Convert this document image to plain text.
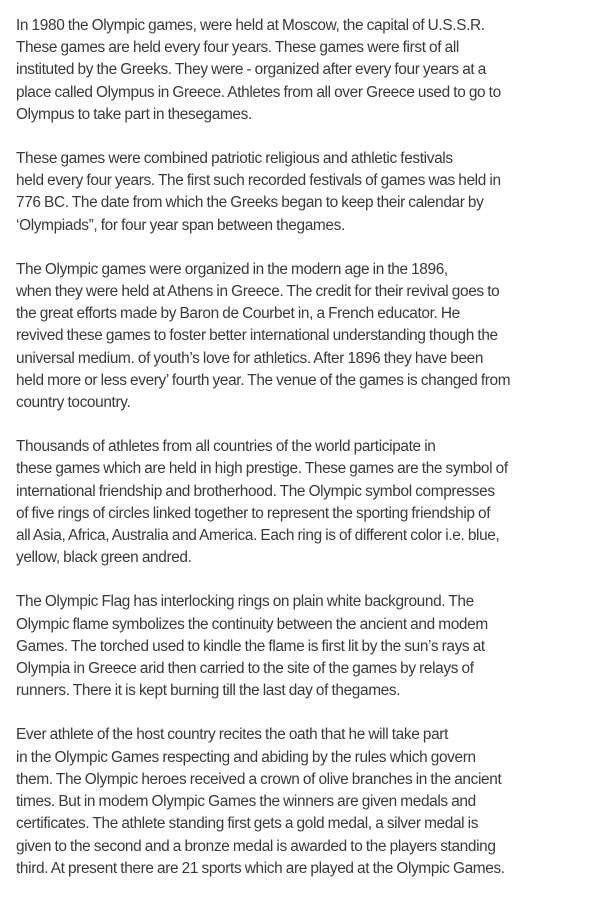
In 1980 the Olympic games, were held at Moscow, the capital of U.S.S.R.
These games are held every four years. These games were first of all
instituted by the Greeks. They were - organized after every four years at a
place called Olympus in Greece. Athletes from all over Greece used to go to
Olympus to take part in thesegames.

These games were combined patriotic religious and athletic festivals
held every four years. The first such recorded festivals of games was held in
776 BC. The date from which the Greeks began to keep their calendar by
‘Olympiads”, for four year span between thegames.

The Olympic games were organized in the modern age in the 1896,
when they were held at Athens in Greece. The credit for their revival goes to
the great efforts made by Baron de Courbet in, a French educator. He
revived these games to foster better international understanding though the
universal medium. of youth’s love for athletics. After 1896 they have been
held more or less every’ fourth year. The venue of the games is changed from
country tocountry.

Thousands of athletes from all countries of the world participate in
these games which are held in high prestige. These games are the symbol of
international friendship and brotherhood. The Olympic symbol compresses
of five rings of circles linked together to represent the sporting friendship of
all Asia, Africa, Australia and America. Each ring is of different color i.e. blue,
yellow, black green andred.

The Olympic Flag has interlocking rings on plain white background. The
Olympic flame symbolizes the continuity between the ancient and modem
Games. The torched used to kindle the flame is first lit by the sun’s rays at
Olympia in Greece arid then carried to the site of the games by relays of
runners. There it is kept burning till the last day of thegames.

Ever athlete of the host country recites the oath that he will take part
in the Olympic Games respecting and abiding by the rules which govern
them. The Olympic heroes received a crown of olive branches in the ancient
times. But in modem Olympic Games the winners are given medals and
certificates. The athlete standing first gets a gold medal, a silver medal is
given to the second and a bronze medal is awarded to the players standing
third. At present there are 21 sports which are played at the Olympic Games.
